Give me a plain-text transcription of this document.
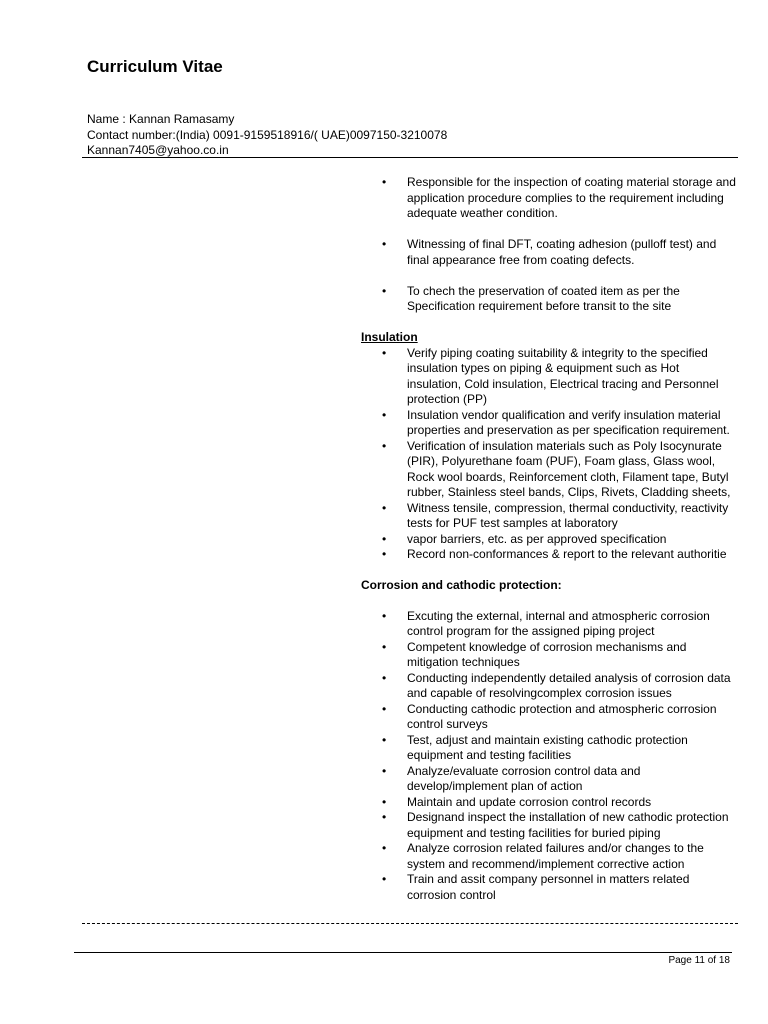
Curriculum Vitae
Name : Kannan Ramasamy
Contact number:(India) 0091-9159518916/( UAE)0097150-3210078
Kannan7405@yahoo.co.in
• Responsible for the inspection of coating material storage and application procedure complies to the requirement including adequate weather condition.
• Witnessing of final DFT, coating adhesion (pulloff test) and final appearance free from coating defects.
• To chech the preservation of coated item as per the Specification requirement before transit to the site
Insulation
• Verify piping coating suitability & integrity to the specified insulation types on piping & equipment such as Hot insulation, Cold insulation, Electrical tracing and Personnel protection (PP)
• Insulation vendor qualification and verify insulation material properties and preservation as per specification requirement.
• Verification of insulation materials such as Poly Isocynurate (PIR), Polyurethane foam (PUF), Foam glass, Glass wool, Rock wool boards, Reinforcement cloth, Filament tape, Butyl rubber, Stainless steel bands, Clips, Rivets, Cladding sheets,
• Witness tensile, compression, thermal conductivity, reactivity tests for PUF test samples at laboratory
• vapor barriers, etc. as per approved specification
• Record non-conformances & report to the relevant authoritie
Corrosion and cathodic protection:
• Excuting the external, internal and atmospheric corrosion control program for the assigned piping project
• Competent knowledge of corrosion mechanisms and mitigation techniques
• Conducting independently detailed analysis of corrosion data and capable of resolvingcomplex corrosion issues
• Conducting cathodic protection and atmospheric corrosion control surveys
• Test, adjust and maintain existing cathodic protection equipment and testing facilities
• Analyze/evaluate corrosion control data and develop/implement plan of action
• Maintain and update corrosion control records
• Designand inspect the installation of new cathodic protection equipment and testing facilities for buried piping
• Analyze corrosion related failures and/or changes to the system and recommend/implement corrective action
• Train and assit company personnel in matters related corrosion control
Page 11 of 18
